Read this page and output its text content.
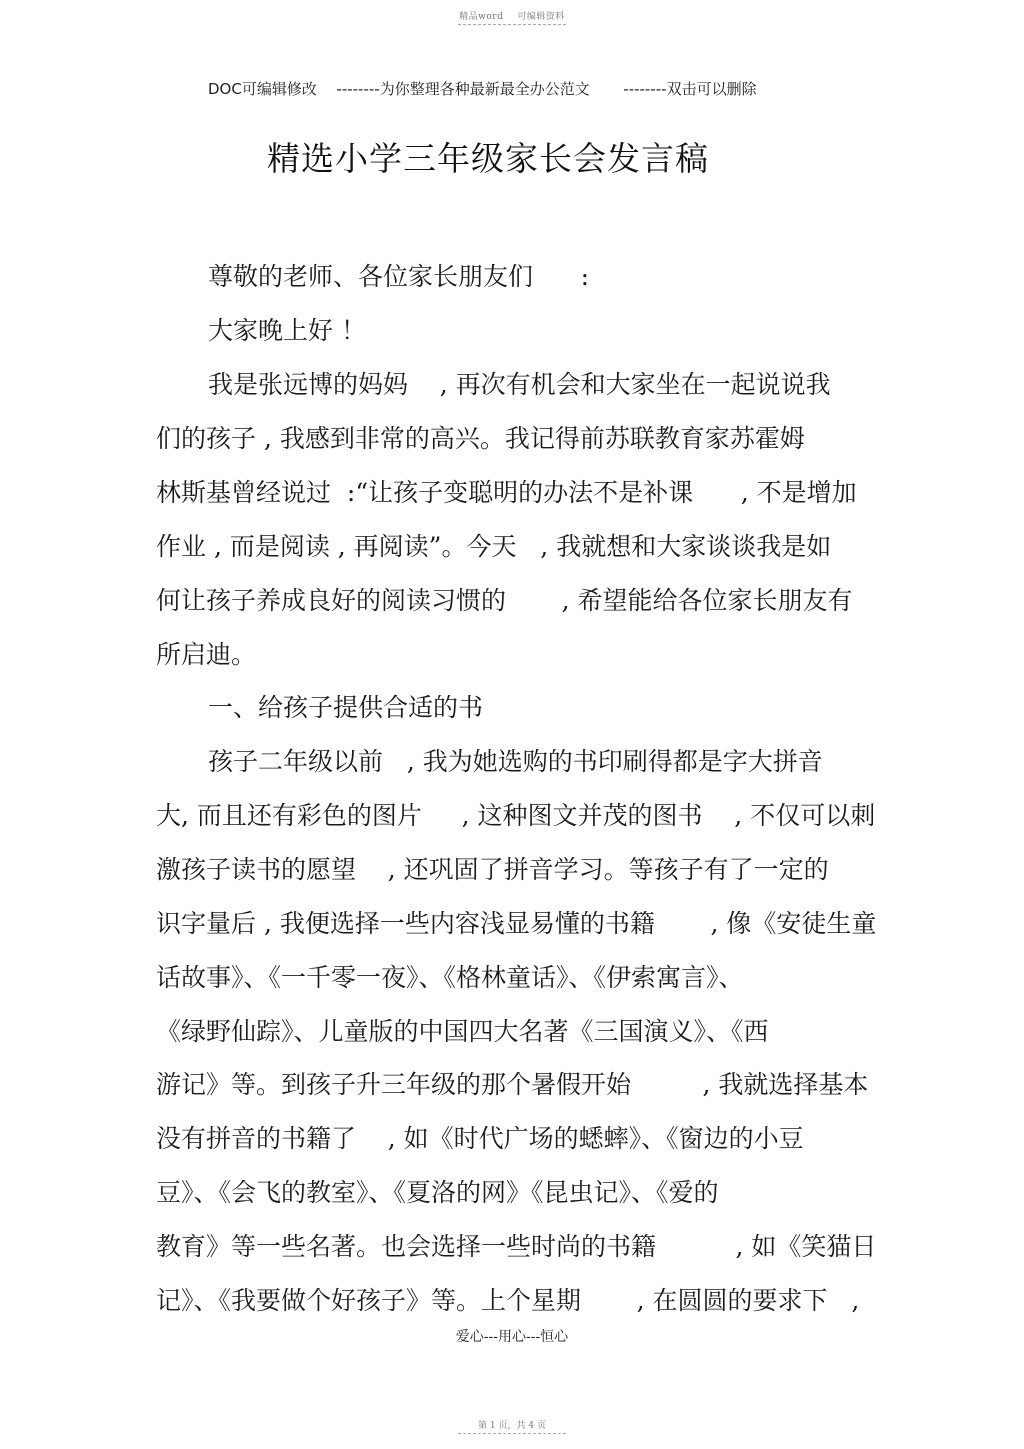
精品word 可编辑资料
DOC可编辑修改 --------为你整理各种最新最全办公范文 --------双击可以删除
精选小学三年级家长会发言稿
尊敬的老师、各位家长朋友们      :
大家晚上好 ！
我是张远博的妈妈    , 再次有机会和大家坐在一起说说我
们的孩子 , 我感到非常的高兴。我记得前苏联教育家苏霍姆
林斯基曾经说过  :“让孩子变聪明的办法不是补课      , 不是增加
作业 , 而是阅读 , 再阅读”。今天   , 我就想和大家谈谈我是如
何让孩子养成良好的阅读习惯的       , 希望能给各位家长朋友有
所启迪。
一、给孩子提供合适的书
孩子二年级以前   , 我为她选购的书印刷得都是字大拼音
大, 而且还有彩色的图片     , 这种图文并茂的图书    , 不仅可以刺
激孩子读书的愿望    , 还巩固了拼音学习。等孩子有了一定的
识字量后 , 我便选择一些内容浅显易懂的书籍       , 像《安徒生童
话故事》、《一千零一夜》、《格林童话》、《伊索寓言》、
《绿野仙踪》、儿童版的中国四大名著《三国演义》、《西
游记》等。到孩子升三年级的那个暑假开始         , 我就选择基本
没有拼音的书籍了    , 如《时代广场的蟋蟀》、《窗边的小豆
豆》、《会飞的教室》、《夏洛的网》《昆虫记》、《爱的
教育》等一些名著。也会选择一些时尚的书籍          , 如《笑猫日
记》、《我要做个好孩子》等。上个星期       , 在圆圆的要求下   ,
爱心---用心---恒心
第 1 页，共 4 页
